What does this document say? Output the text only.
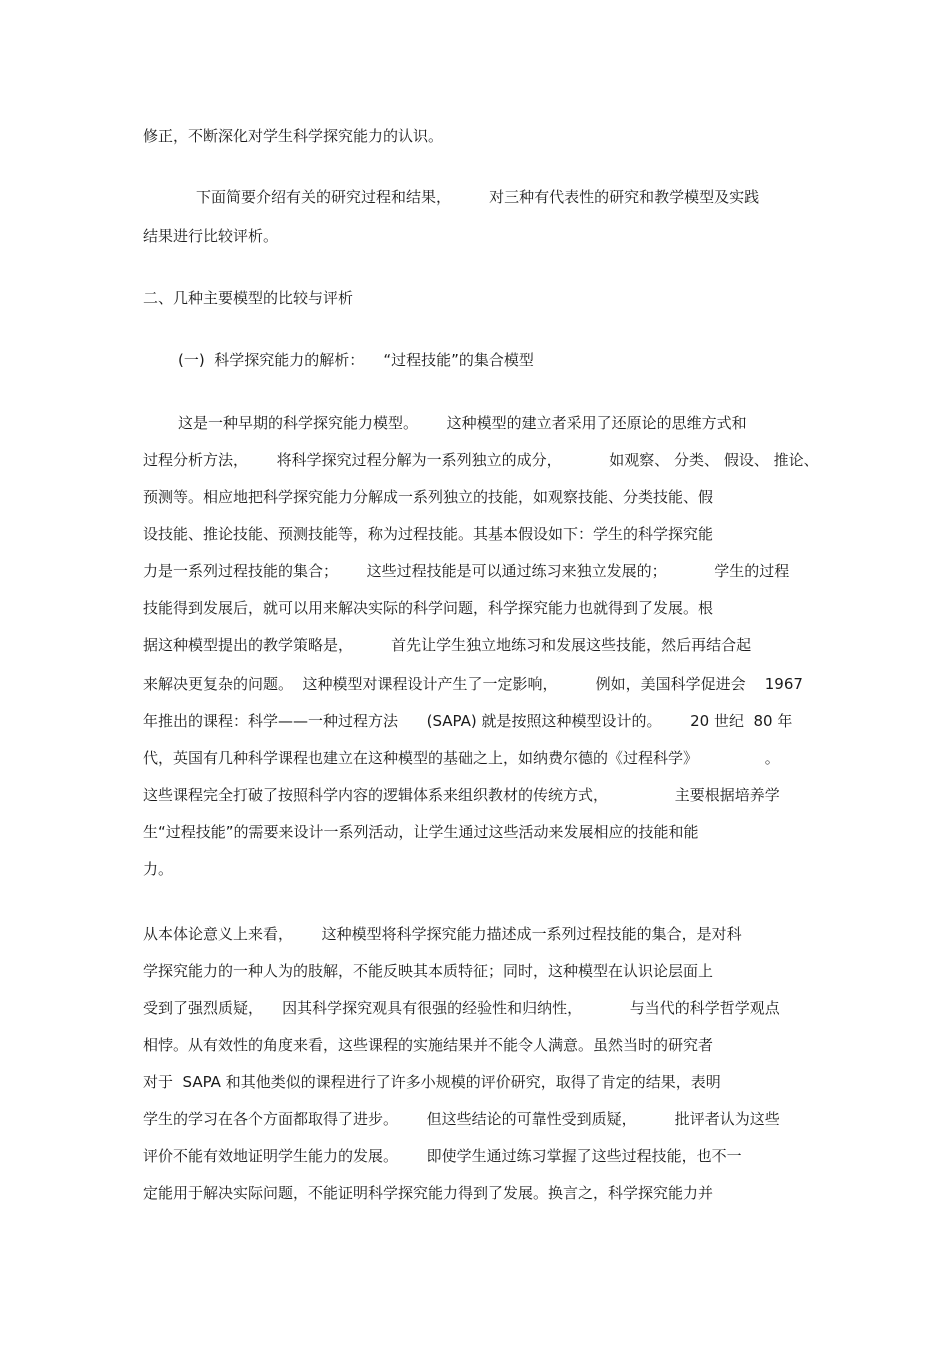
修正，不断深化对学生科学探究能力的认识。
下面简要介绍有关的研究过程和结果，        对三种有代表性的研究和教学模型及实践
结果进行比较评析。
二、几种主要模型的比较与评析
(一)  科学探究能力的解析：    “过程技能”的集合模型
这是一种早期的科学探究能力模型。      这种模型的建立者采用了还原论的思维方式和
过程分析方法，      将科学探究过程分解为一系列独立的成分，          如观察、 分类、 假设、 推论、
预测等。相应地把科学探究能力分解成一系列独立的技能，如观察技能、分类技能、假
设技能、推论技能、预测技能等，称为过程技能。其基本假设如下：学生的科学探究能
力是一系列过程技能的集合；      这些过程技能是可以通过练习来独立发展的；          学生的过程
技能得到发展后，就可以用来解决实际的科学问题，科学探究能力也就得到了发展。根
据这种模型提出的教学策略是，        首先让学生独立地练习和发展这些技能，然后再结合起
来解决更复杂的问题。  这种模型对课程设计产生了一定影响，        例如，美国科学促进会    1967
年推出的课程：科学——一种过程方法      (SAPA) 就是按照这种模型设计的。      20 世纪  80 年
代，英国有几种科学课程也建立在这种模型的基础之上，如纳费尔德的《过程科学》              。
这些课程完全打破了按照科学内容的逻辑体系来组织教材的传统方式，              主要根据培养学
生“过程技能”的需要来设计一系列活动，让学生通过这些活动来发展相应的技能和能
力。
从本体论意义上来看，      这种模型将科学探究能力描述成一系列过程技能的集合，是对科
学探究能力的一种人为的肢解，不能反映其本质特征；同时，这种模型在认识论层面上
受到了强烈质疑，    因其科学探究观具有很强的经验性和归纳性，          与当代的科学哲学观点
相悖。从有效性的角度来看，这些课程的实施结果并不能令人满意。虽然当时的研究者
对于  SAPA 和其他类似的课程进行了许多小规模的评价研究，取得了肯定的结果，表明
学生的学习在各个方面都取得了进步。      但这些结论的可靠性受到质疑，        批评者认为这些
评价不能有效地证明学生能力的发展。      即使学生通过练习掌握了这些过程技能，也不一
定能用于解决实际问题，不能证明科学探究能力得到了发展。换言之，科学探究能力并
